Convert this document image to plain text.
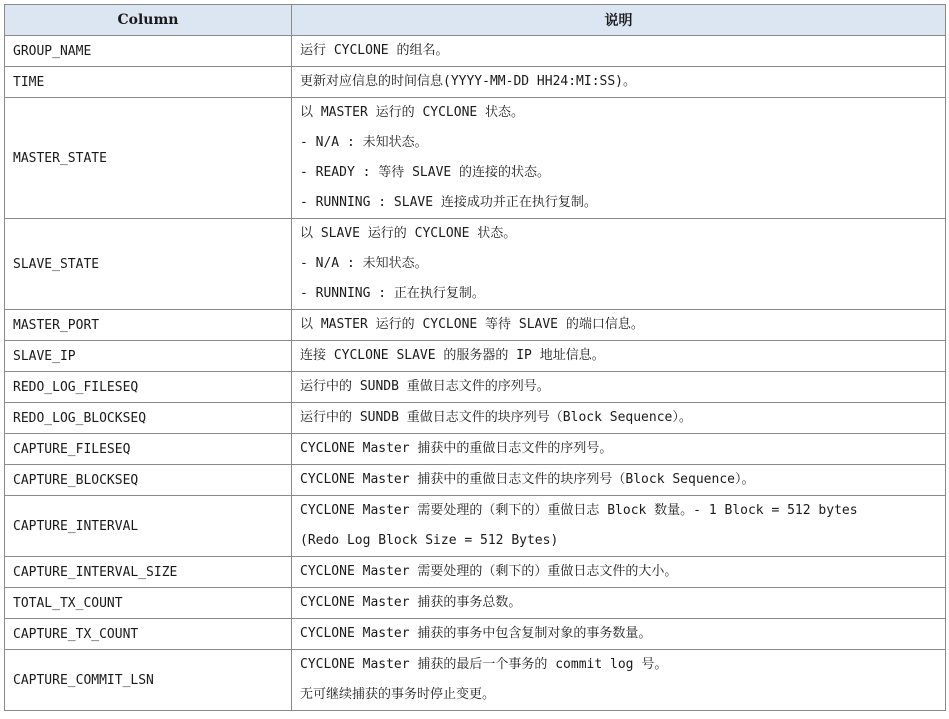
Column	说明
GROUP_NAME	运行 CYCLONE 的组名。

TIME	更新对应信息的时间信息(YYYY-MM-DD HH24:MI:SS)。

MASTER_STATE	以 MASTER 运行的 CYCLONE 状态。
- N/A : 未知状态。
- READY : 等待 SLAVE 的连接的状态。
- RUNNING : SLAVE 连接成功并正在执行复制。

SLAVE_STATE	以 SLAVE 运行的 CYCLONE 状态。
- N/A : 未知状态。
- RUNNING : 正在执行复制。

MASTER_PORT	以 MASTER 运行的 CYCLONE 等待 SLAVE 的端口信息。

SLAVE_IP	连接 CYCLONE SLAVE 的服务器的 IP 地址信息。

REDO_LOG_FILESEQ	运行中的 SUNDB 重做日志文件的序列号。

REDO_LOG_BLOCKSEQ	运行中的 SUNDB 重做日志文件的块序列号（Block Sequence）。

CAPTURE_FILESEQ	CYCLONE Master 捕获中的重做日志文件的序列号。

CAPTURE_BLOCKSEQ	CYCLONE Master 捕获中的重做日志文件的块序列号（Block Sequence）。

CAPTURE_INTERVAL	CYCLONE Master 需要处理的（剩下的）重做日志 Block 数量。- 1 Block = 512 bytes
(Redo Log Block Size = 512 Bytes)

CAPTURE_INTERVAL_SIZE	CYCLONE Master 需要处理的（剩下的）重做日志文件的大小。

TOTAL_TX_COUNT	CYCLONE Master 捕获的事务总数。

CAPTURE_TX_COUNT	CYCLONE Master 捕获的事务中包含复制对象的事务数量。

CAPTURE_COMMIT_LSN	CYCLONE Master 捕获的最后一个事务的 commit log 号。
无可继续捕获的事务时停止变更。
